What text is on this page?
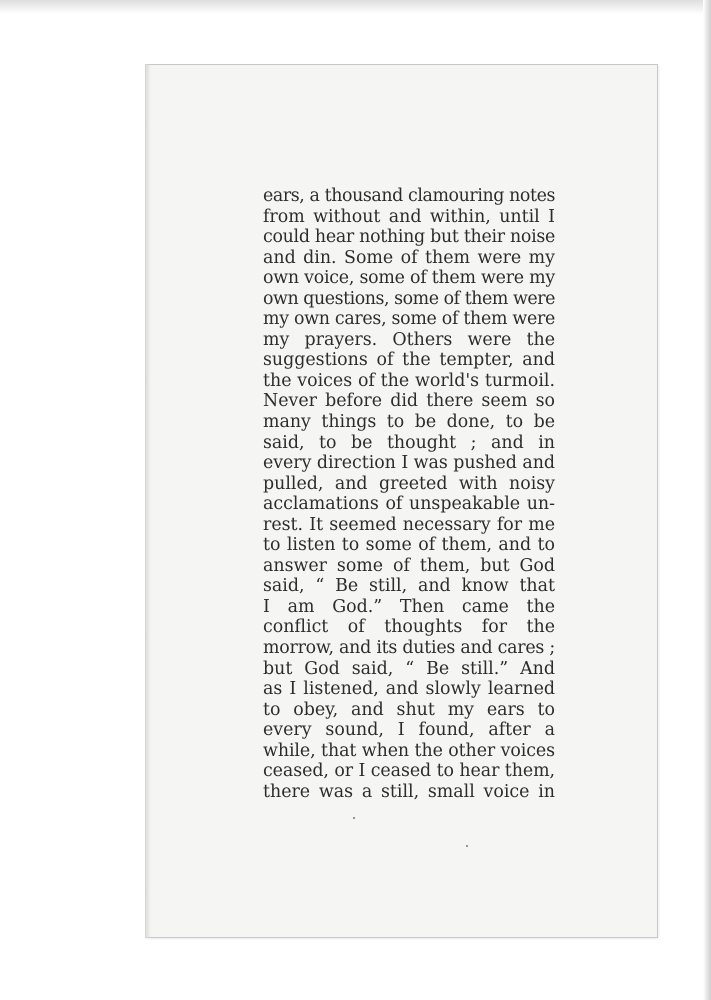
ears, a thousand clamouring notes
from without and within, until I
could hear nothing but their noise
and din. Some of them were my
own voice, some of them were my
own questions, some of them were
my own cares, some of them were
my prayers. Others were the
suggestions of the tempter, and
the voices of the world's turmoil.
Never before did there seem so
many things to be done, to be
said, to be thought ; and in
every direction I was pushed and
pulled, and greeted with noisy
acclamations of unspeakable un-
rest. It seemed necessary for me
to listen to some of them, and to
answer some of them, but God
said, “ Be still, and know that
I am God.” Then came the
conflict of thoughts for the
morrow, and its duties and cares ;
but God said, “ Be still.” And
as I listened, and slowly learned
to obey, and shut my ears to
every sound, I found, after a
while, that when the other voices
ceased, or I ceased to hear them,
there was a still, small voice in
